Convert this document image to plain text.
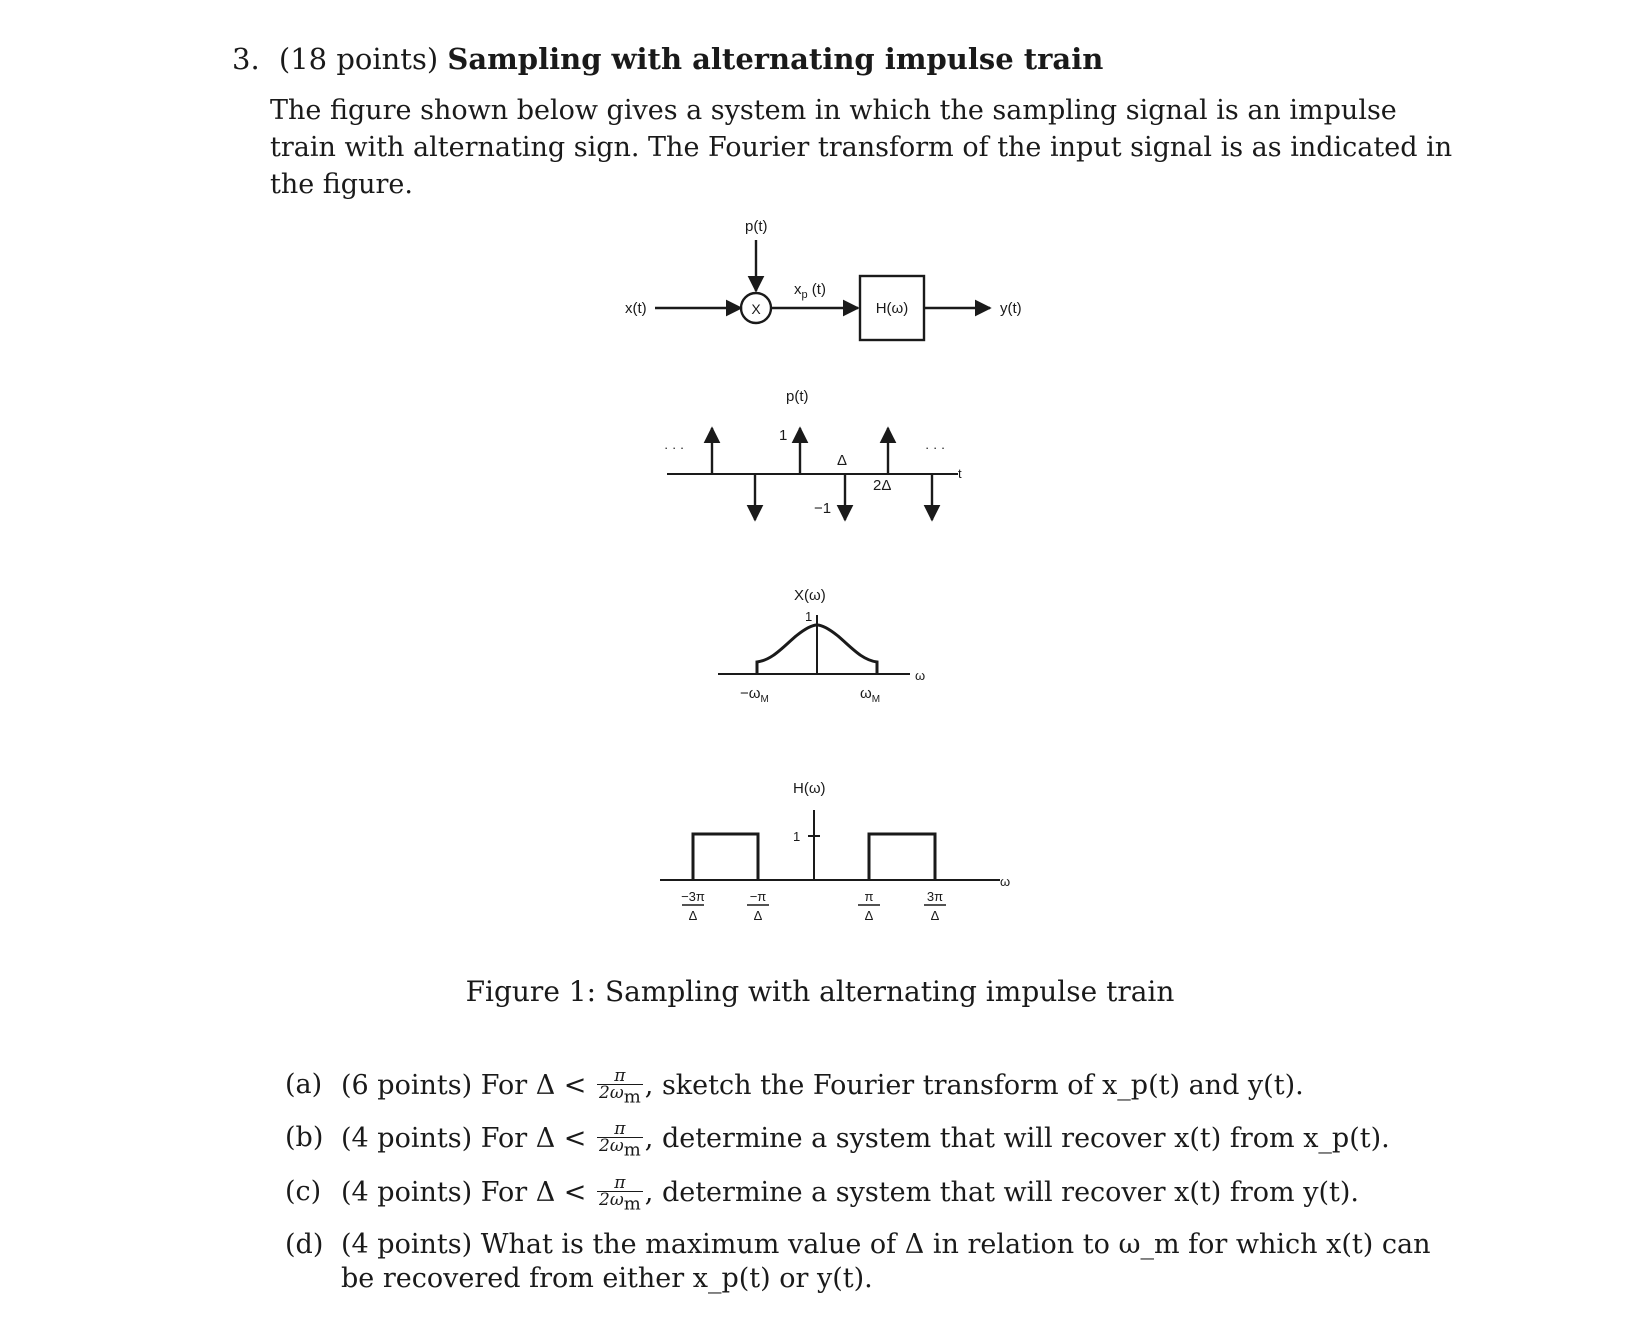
3. (18 points) Sampling with alternating impulse train
The figure shown below gives a system in which the sampling signal is an impulse train with alternating sign. The Fourier transform of the input signal is as indicated in the figure.
x(t)	X
p(t)
$x_p$ (t)
H(ω)	y(t)
p(t)
1
−1
Δ
2Δ
t
· · ·	· · ·
X(ω)
1
$-\omega_M$	$\omega_M$
ω
H(ω)
1
ω
−3π
Δ
−π
Δ
π
Δ
3π
Δ
Figure 1: Sampling with alternating impulse train
(a) (6 points) For $\Delta < \frac{\pi}{2\omega_m}$ , sketch the Fourier transform of x_p(t) and y(t).
(b) (4 points) For $\Delta < \frac{\pi}{2\omega_m}$ , determine a system that will recover x(t) from x_p(t).
(c) (4 points) For $\Delta < \frac{\pi}{2\omega_m}$ , determine a system that will recover x(t) from y(t).
(d) (4 points) What is the maximum value of Δ in relation to ω_m for which x(t) can be recovered from either x_p(t) or y(t).
